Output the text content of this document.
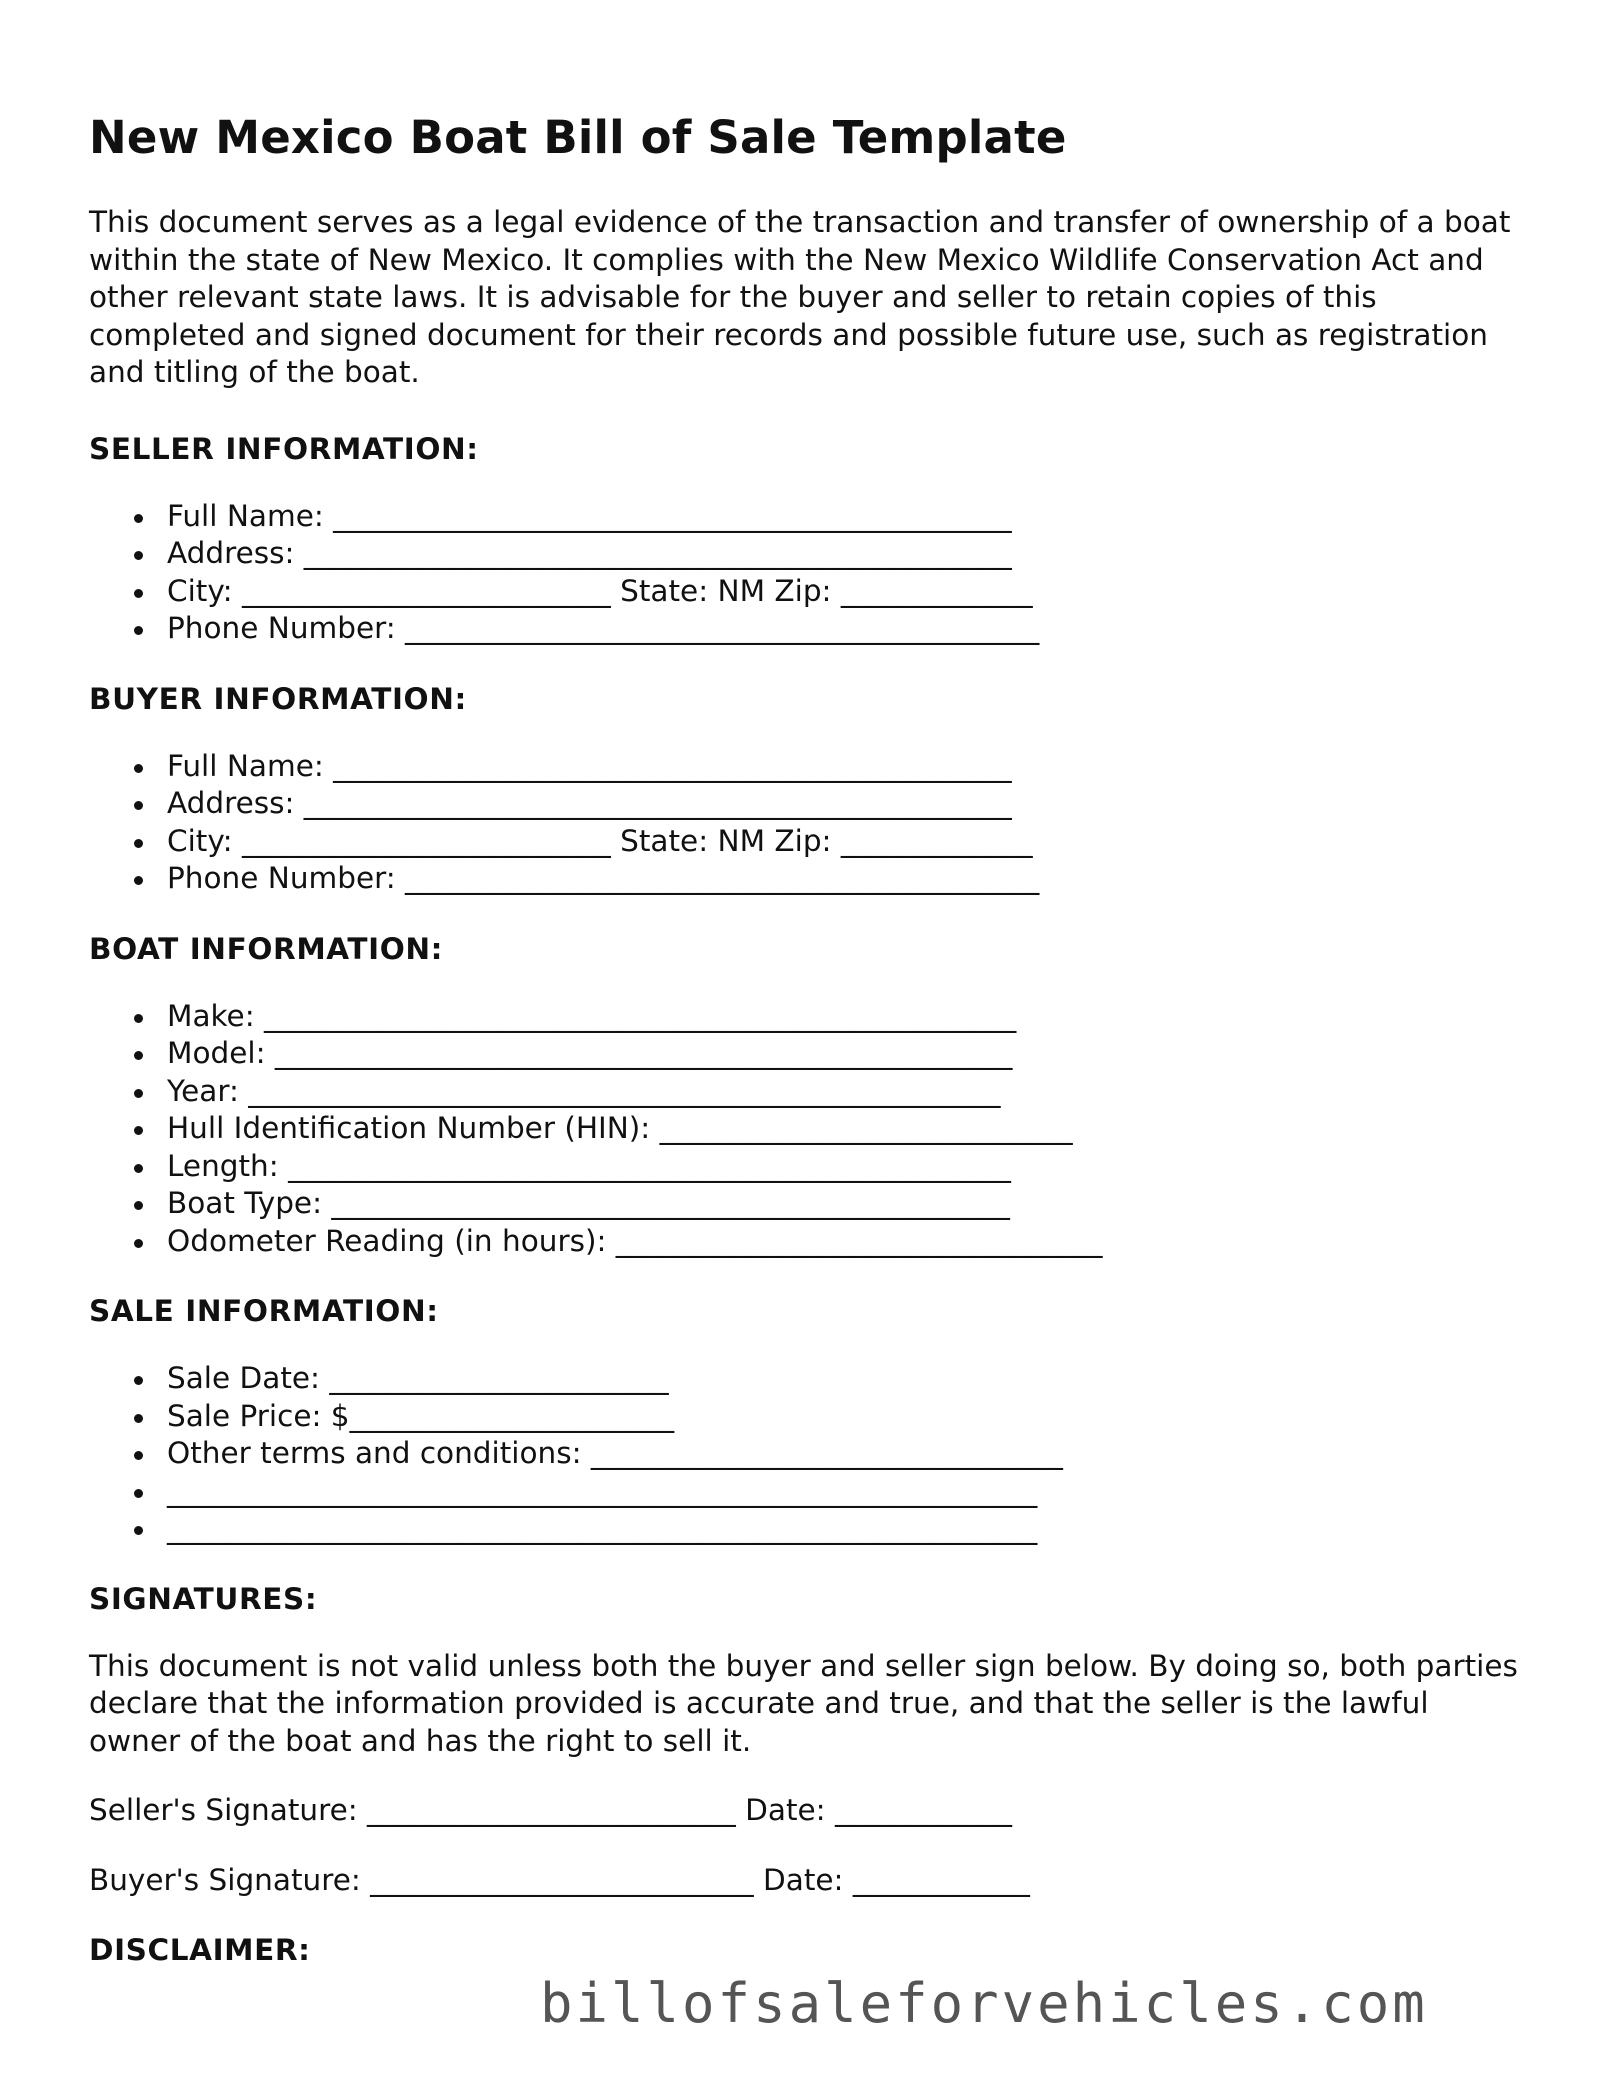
New Mexico Boat Bill of Sale Template

This document serves as a legal evidence of the transaction and transfer of ownership of a boat within the state of New Mexico. It complies with the New Mexico Wildlife Conservation Act and other relevant state laws. It is advisable for the buyer and seller to retain copies of this completed and signed document for their records and possible future use, such as registration and titling of the boat.

SELLER INFORMATION:
Full Name: ______________________________________________
Address: ________________________________________________
City: _________________________ State: NM Zip: _____________
Phone Number: ___________________________________________
BUYER INFORMATION:
Full Name: ______________________________________________
Address: ________________________________________________
City: _________________________ State: NM Zip: _____________
Phone Number: ___________________________________________
BOAT INFORMATION:
Make: ___________________________________________________
Model: __________________________________________________
Year: ___________________________________________________
Hull Identification Number (HIN): ____________________________
Length: _________________________________________________
Boat Type: ______________________________________________
Odometer Reading (in hours): _________________________________
SALE INFORMATION:
Sale Date: _______________________
Sale Price: $______________________
Other terms and conditions: ________________________________
___________________________________________________________
___________________________________________________________
SIGNATURES:

This document is not valid unless both the buyer and seller sign below. By doing so, both parties declare that the information provided is accurate and true, and that the seller is the lawful owner of the boat and has the right to sell it.

Seller's Signature: _________________________ Date: ____________
Buyer's Signature: __________________________ Date: ____________
DISCLAIMER:
billofsaleforvehicles.com
